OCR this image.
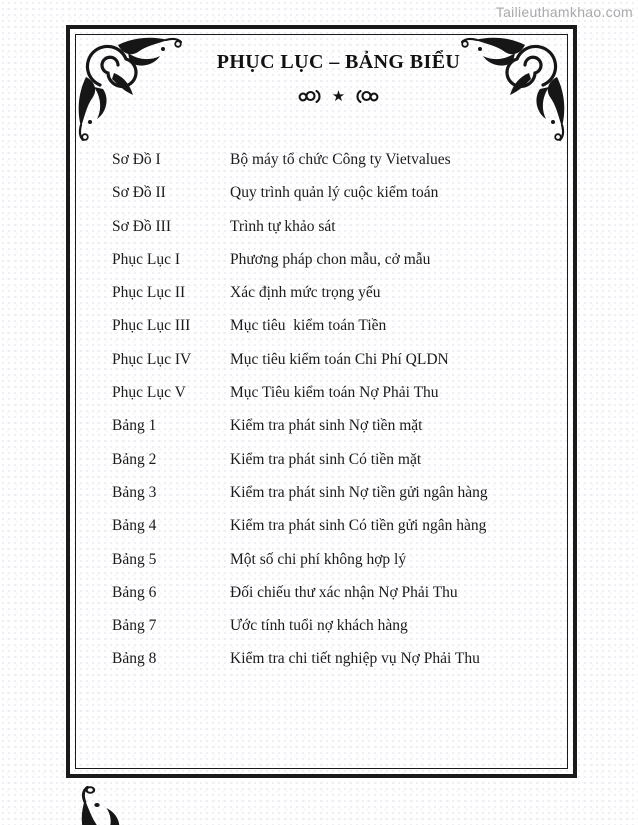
Tailieuthamkhao.com
PHỤC LỤC – BẢNG BIỂU
★
Sơ Đồ I	Bộ máy tổ chức Công ty Vietvalues
Sơ Đồ II	Quy trình quản lý cuộc kiểm toán
Sơ Đồ III	Trình tự khảo sát
Phục Lục I	Phương pháp chon mẫu, cở mẫu
Phục Lục II	Xác định mức trọng yếu
Phục Lục III	Mục tiêu  kiểm toán Tiền
Phục Lục IV	Mục tiêu kiểm toán Chi Phí QLDN
Phục Lục V	Mục Tiêu kiểm toán Nợ Phải Thu
Bảng 1	Kiểm tra phát sinh Nợ tiền mặt
Bảng 2	Kiểm tra phát sinh Có tiền mặt
Bảng 3	Kiểm tra phát sinh Nợ tiền gửi ngân hàng
Bảng 4	Kiểm tra phát sinh Có tiền gửi ngân hàng
Bảng 5	Một số chi phí không hợp lý
Bảng 6	Đối chiếu thư xác nhận Nợ Phải Thu
Bảng 7	Ước tính tuổi nợ khách hàng
Bảng 8	Kiểm tra chi tiết nghiệp vụ Nợ Phải Thu
